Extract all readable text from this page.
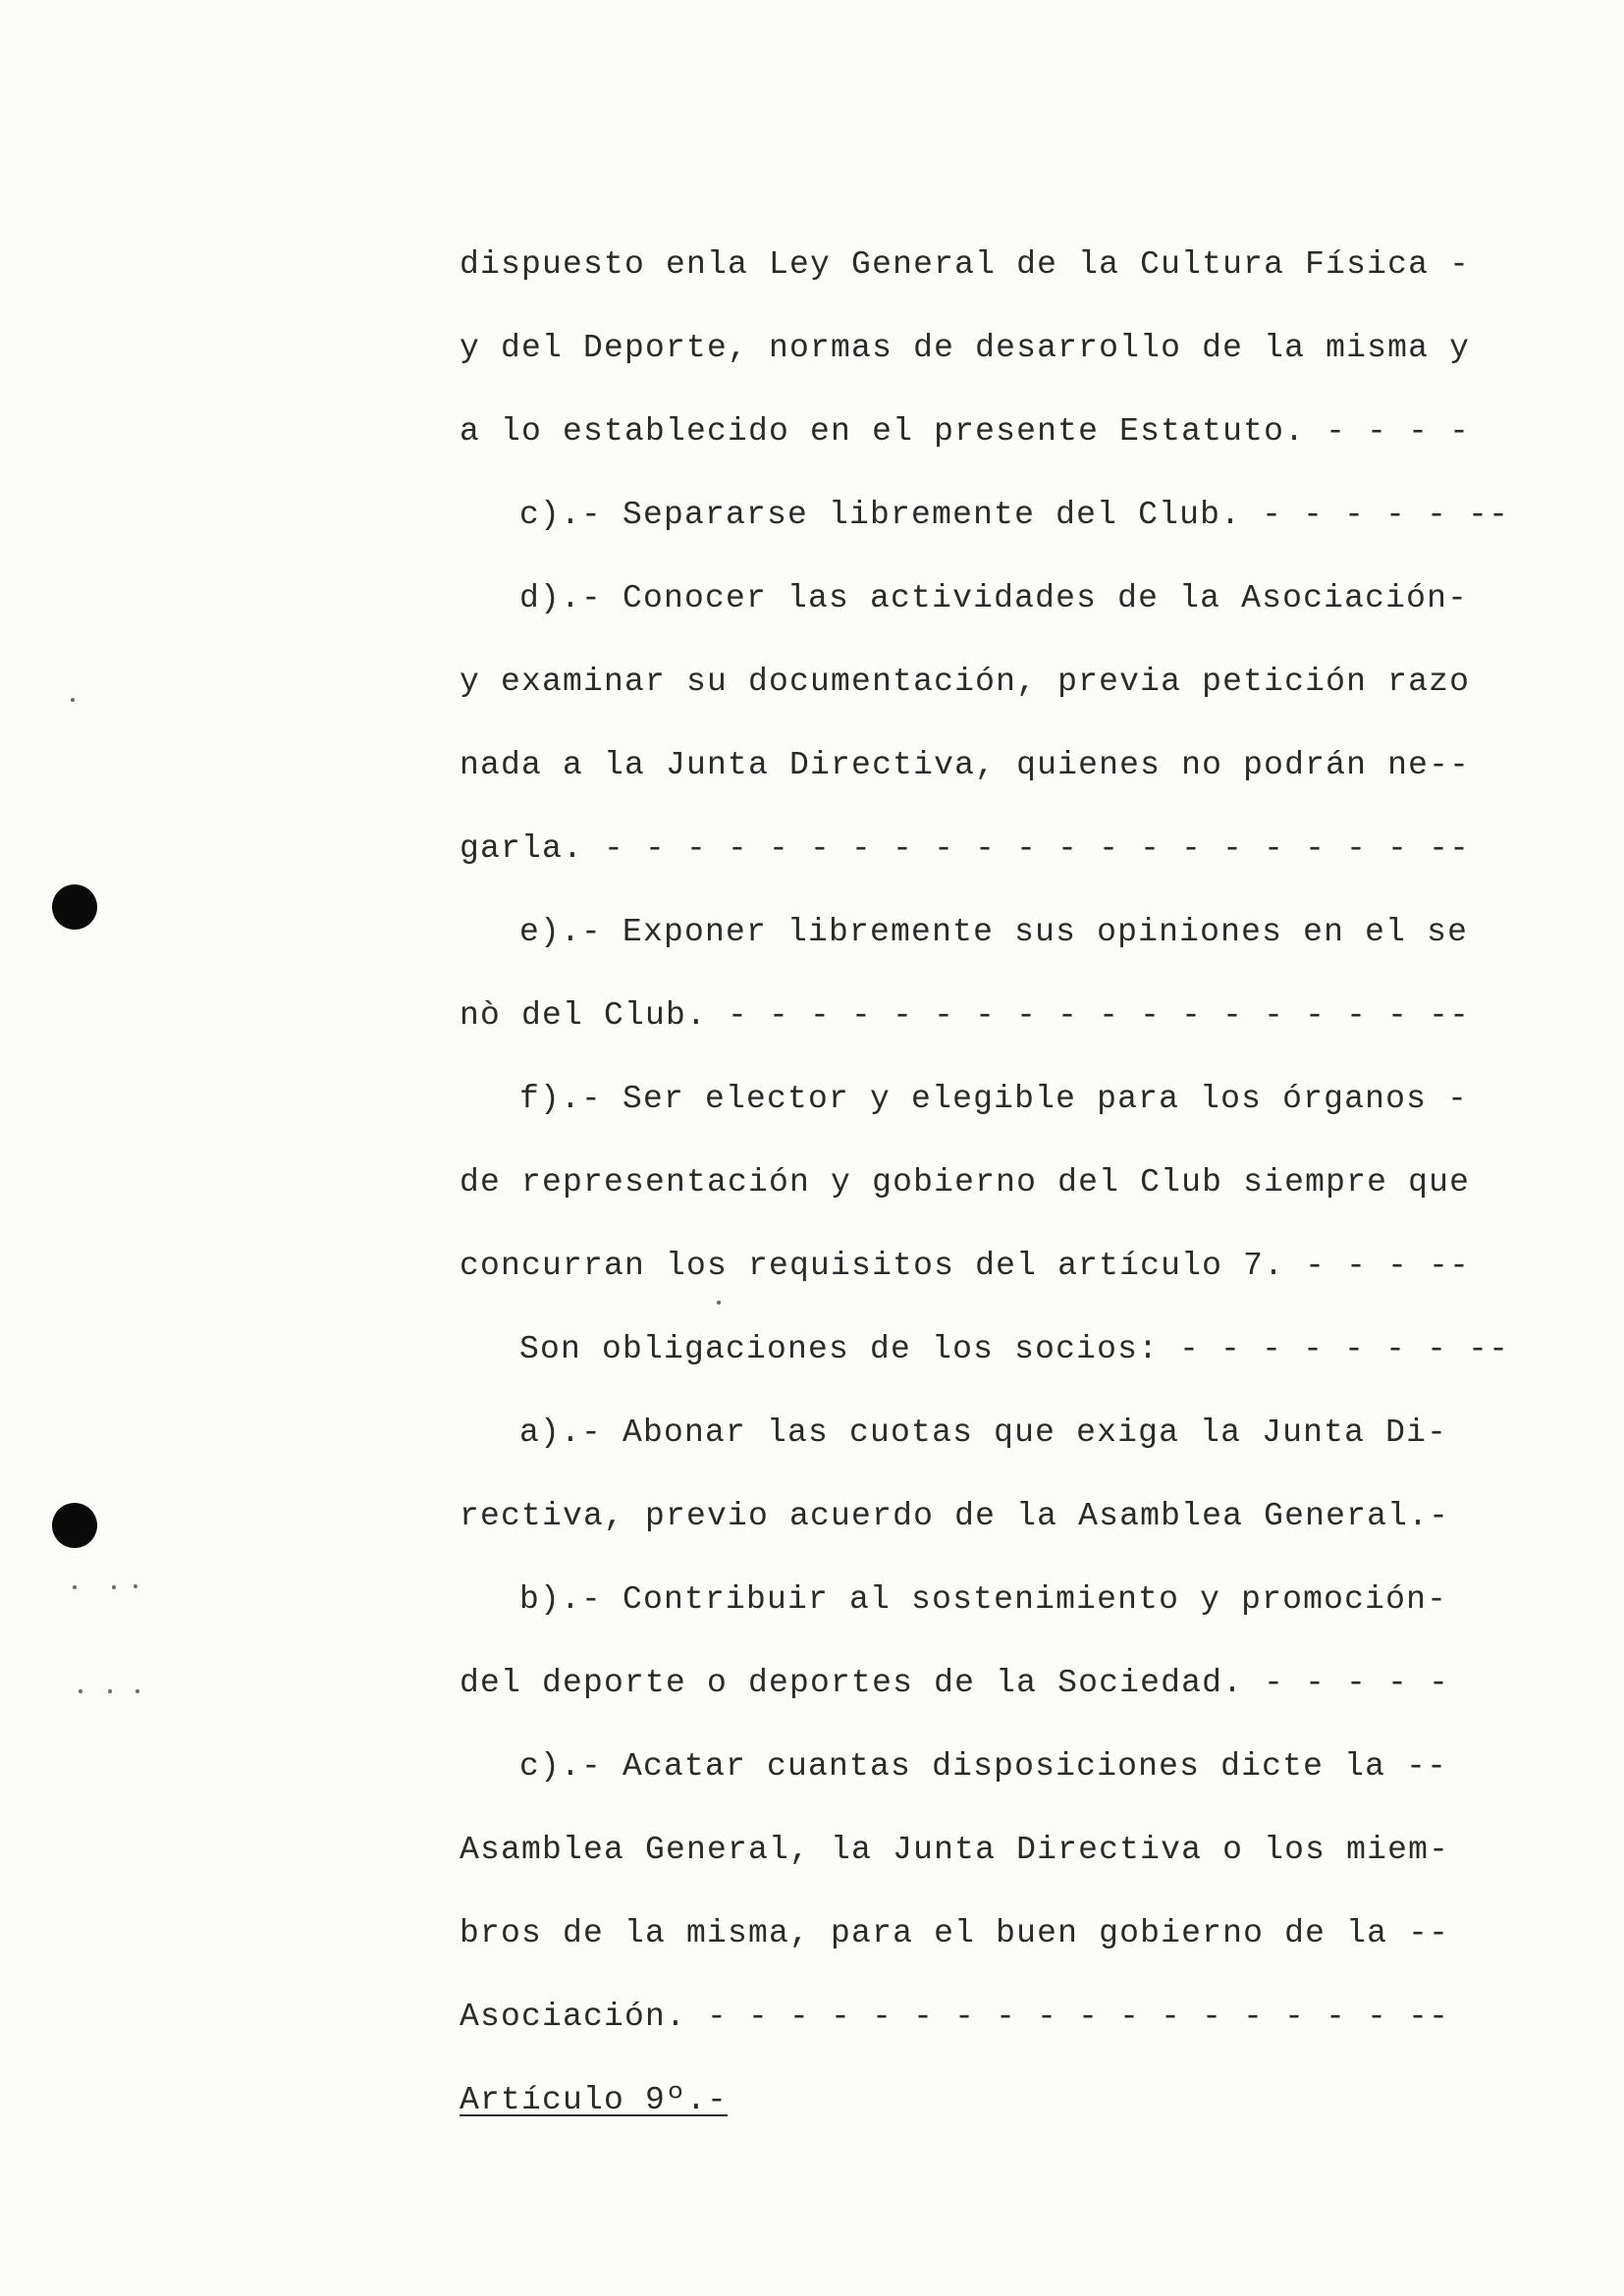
dispuesto enla Ley General de la Cultura Física -
y del Deporte, normas de desarrollo de la misma y
a lo establecido en el presente Estatuto. - - - -
c).- Separarse libremente del Club. - - - - - --
d).- Conocer las actividades de la Asociación-
y examinar su documentación, previa petición razo
nada a la Junta Directiva, quienes no podrán ne--
garla. - - - - - - - - - - - - - - - - - - - - --
e).- Exponer libremente sus opiniones en el se
nò del Club. - - - - - - - - - - - - - - - - - --
f).- Ser elector y elegible para los órganos -
de representación y gobierno del Club siempre que
concurran los requisitos del artículo 7. - - - --
Son obligaciones de los socios: - - - - - - - --
a).- Abonar las cuotas que exiga la Junta Di-
rectiva, previo acuerdo de la Asamblea General.-
b).- Contribuir al sostenimiento y promoción-
del deporte o deportes de la Sociedad. - - - - -
c).- Acatar cuantas disposiciones dicte la --
Asamblea General, la Junta Directiva o los miem-
bros de la misma, para el buen gobierno de la --
Asociación. - - - - - - - - - - - - - - - - - --
Artículo 9º.-
